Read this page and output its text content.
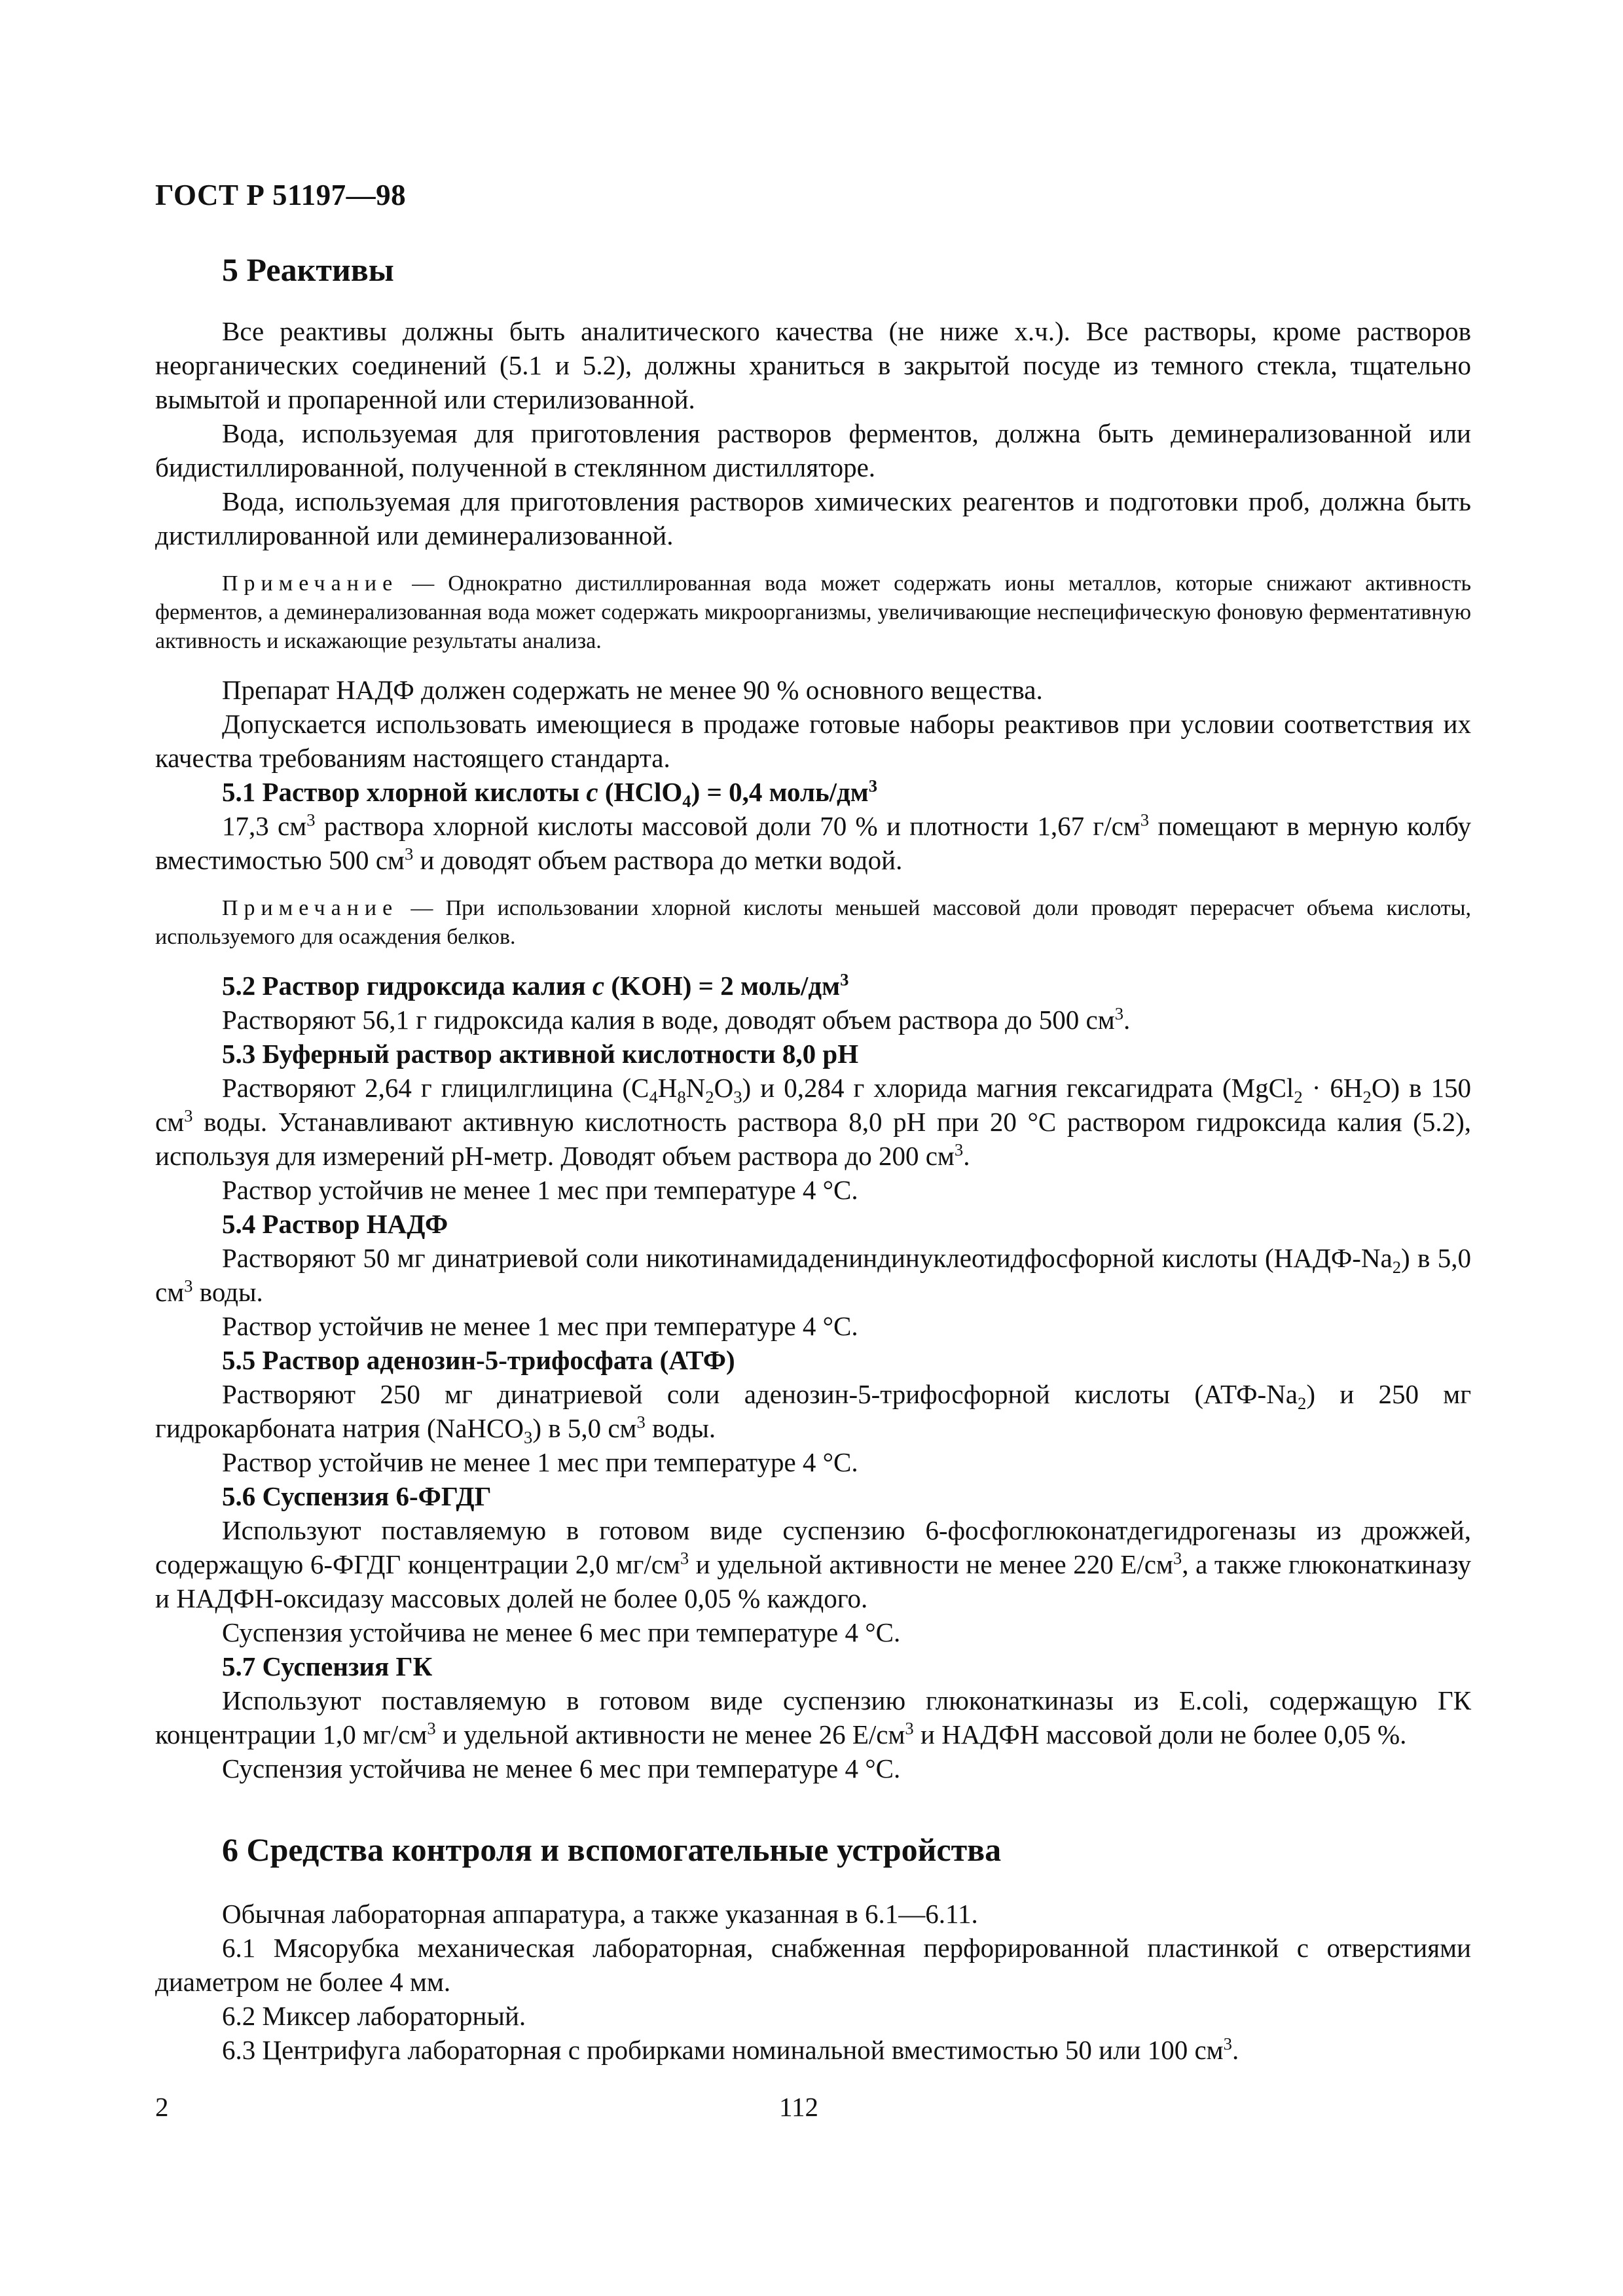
ГОСТ Р 51197—98
5 Реактивы

Все реактивы должны быть аналитического качества (не ниже х.ч.). Все растворы, кроме растворов неорганических соединений (5.1 и 5.2), должны храниться в закрытой посуде из темного стекла, тщательно вымытой и пропаренной или стерилизованной.

Вода, используемая для приготовления растворов ферментов, должна быть деминерализованной или бидистиллированной, полученной в стеклянном дистилляторе.

Вода, используемая для приготовления растворов химических реагентов и подготовки проб, должна быть дистиллированной или деминерализованной.

Примечание — Однократно дистиллированная вода может содержать ионы металлов, которые снижают активность ферментов, а деминерализованная вода может содержать микроорганизмы, увеличивающие неспецифическую фоновую ферментативную активность и искажающие результаты анализа.

Препарат НАДФ должен содержать не менее 90 % основного вещества.

Допускается использовать имеющиеся в продаже готовые наборы реактивов при условии соответствия их качества требованиям настоящего стандарта.

5.1 Раствор хлорной кислоты c (HClO$_4$) = 0,4 моль/$дм^3$

17,3 $см^3$ раствора хлорной кислоты массовой доли 70 % и плотности 1,67 $г/см^3$ помещают в мерную колбу вместимостью 500 $см^3$ и доводят объем раствора до метки водой.

Примечание — При использовании хлорной кислоты меньшей массовой доли проводят перерасчет объема кислоты, используемого для осаждения белков.

5.2 Раствор гидроксида калия c (KOH) = 2 моль/$дм^3$

Растворяют 56,1 г гидроксида калия в воде, доводят объем раствора до 500 $см^3$.

5.3 Буферный раствор активной кислотности 8,0 pH

Растворяют 2,64 г глицилглицина $(C_4H_8N_2O_3)$ и 0,284 г хлорида магния гексагидрата (MgCl$_2$ · $6H_2O$) в 150 $см^3$ воды. Устанавливают активную кислотность раствора 8,0 pH при 20 °С раствором гидроксида калия (5.2), используя для измерений pH-метр. Доводят объем раствора до 200 $см^3$.

Раствор устойчив не менее 1 мес при температуре 4 °С.

5.4 Раствор НАДФ

Растворяют 50 мг динатриевой соли никотинамидадениндинуклеотидфосфорной кислоты $(НАДФ-Na_2)$ в 5,0 $см^3$ воды.

Раствор устойчив не менее 1 мес при температуре 4 °С.

5.5 Раствор аденозин-5-трифосфата (АТФ)

Растворяют 250 мг динатриевой соли аденозин-5-трифосфорной кислоты $(АТФ-Na_2)$ и 250 мг гидрокарбоната натрия (NaHCO$_3$) в 5,0 $см^3$ воды.

Раствор устойчив не менее 1 мес при температуре 4 °С.

5.6 Суспензия 6-ФГДГ

Используют поставляемую в готовом виде суспензию 6-фосфоглюконатдегидрогеназы из дрожжей, содержащую 6-ФГДГ концентрации 2,0 $мг/см^3$ и удельной активности не менее 220 $Е/см^3$, а также глюконаткиназу и НАДФН-оксидазу массовых долей не более 0,05 % каждого.

Суспензия устойчива не менее 6 мес при температуре 4 °С.

5.7 Суспензия ГК

Используют поставляемую в готовом виде суспензию глюконаткиназы из E.coli, содержащую ГК концентрации 1,0 $мг/см^3$ и удельной активности не менее 26 $Е/см^3$ и НАДФН массовой доли не более 0,05 %.

Суспензия устойчива не менее 6 мес при температуре 4 °С.

6 Средства контроля и вспомогательные устройства

Обычная лабораторная аппаратура, а также указанная в 6.1—6.11.

6.1 Мясорубка механическая лабораторная, снабженная перфорированной пластинкой с отверстиями диаметром не более 4 мм.

6.2 Миксер лабораторный.

6.3 Центрифуга лабораторная с пробирками номинальной вместимостью 50 или 100 $см^3$.

2	112
